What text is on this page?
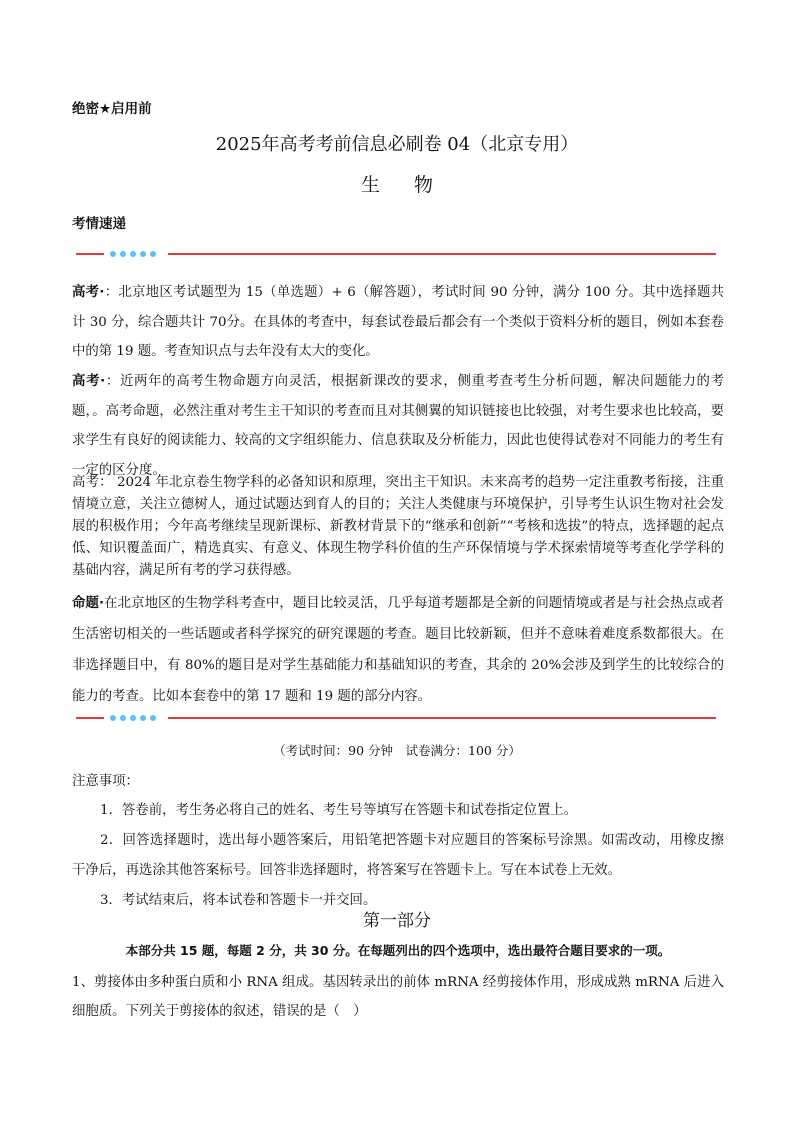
绝密★启用前
2025年高考考前信息必刷卷 04（北京专用）
生 物
考情速递

高考·：北京地区考试题型为 15（单选题）+ 6（解答题），考试时间 90 分钟，满分 100 分。其中选择题共计 30 分，综合题共计 70分。在具体的考查中，每套试卷最后都会有一个类似于资料分析的题目，例如本套卷中的第 19 题。考查知识点与去年没有太大的变化。

高考·：近两年的高考生物命题方向灵活，根据新课改的要求，侧重考查考生分析问题，解决问题能力的考题，。高考命题，必然注重对考生主干知识的考查而且对其侧翼的知识链接也比较强，对考生要求也比较高，要求学生有良好的阅读能力、较高的文字组织能力、信息获取及分析能力，因此也使得试卷对不同能力的考生有一定的区分度。

高考： 2024 年北京卷生物学科的必备知识和原理，突出主干知识。未来高考的趋势一定注重教考衔接，注重情境立意，关注立德树人，通过试题达到育人的目的；关注人类健康与环境保护，引导考生认识生物对社会发展的积极作用；今年高考继续呈现新课标、新教材背景下的“继承和创新”“考核和选拔”的特点，选择题的起点低、知识覆盖面广，精选真实、有意义、体现生物学科价值的生产环保情境与学术探索情境等考查化学学科的基础内容，满足所有考的学习获得感。

命题·在北京地区的生物学科考查中，题目比较灵活，几乎每道考题都是全新的问题情境或者是与社会热点或者生活密切相关的一些话题或者科学探究的研究课题的考查。题目比较新颖，但并不意味着难度系数都很大。在非选择题目中，有 80%的题目是对学生基础能力和基础知识的考查，其余的 20%会涉及到学生的比较综合的能力的考查。比如本套卷中的第 17 题和 19 题的部分内容。

（考试时间：90 分钟　试卷满分：100 分）
注意事项：

1．答卷前，考生务必将自己的姓名、考生号等填写在答题卡和试卷指定位置上。

2．回答选择题时，选出每小题答案后，用铅笔把答题卡对应题目的答案标号涂黑。如需改动，用橡皮擦干净后，再选涂其他答案标号。回答非选择题时，将答案写在答题卡上。写在本试卷上无效。

3．考试结束后，将本试卷和答题卡一并交回。

第一部分
本部分共 15 题，每题 2 分，共 30 分。在每题列出的四个选项中，选出最符合题目要求的一项。

1、剪接体由多种蛋白质和小 RNA 组成。基因转录出的前体 mRNA 经剪接体作用，形成成熟 mRNA 后进入细胞质。下列关于剪接体的叙述，错误的是（　）
